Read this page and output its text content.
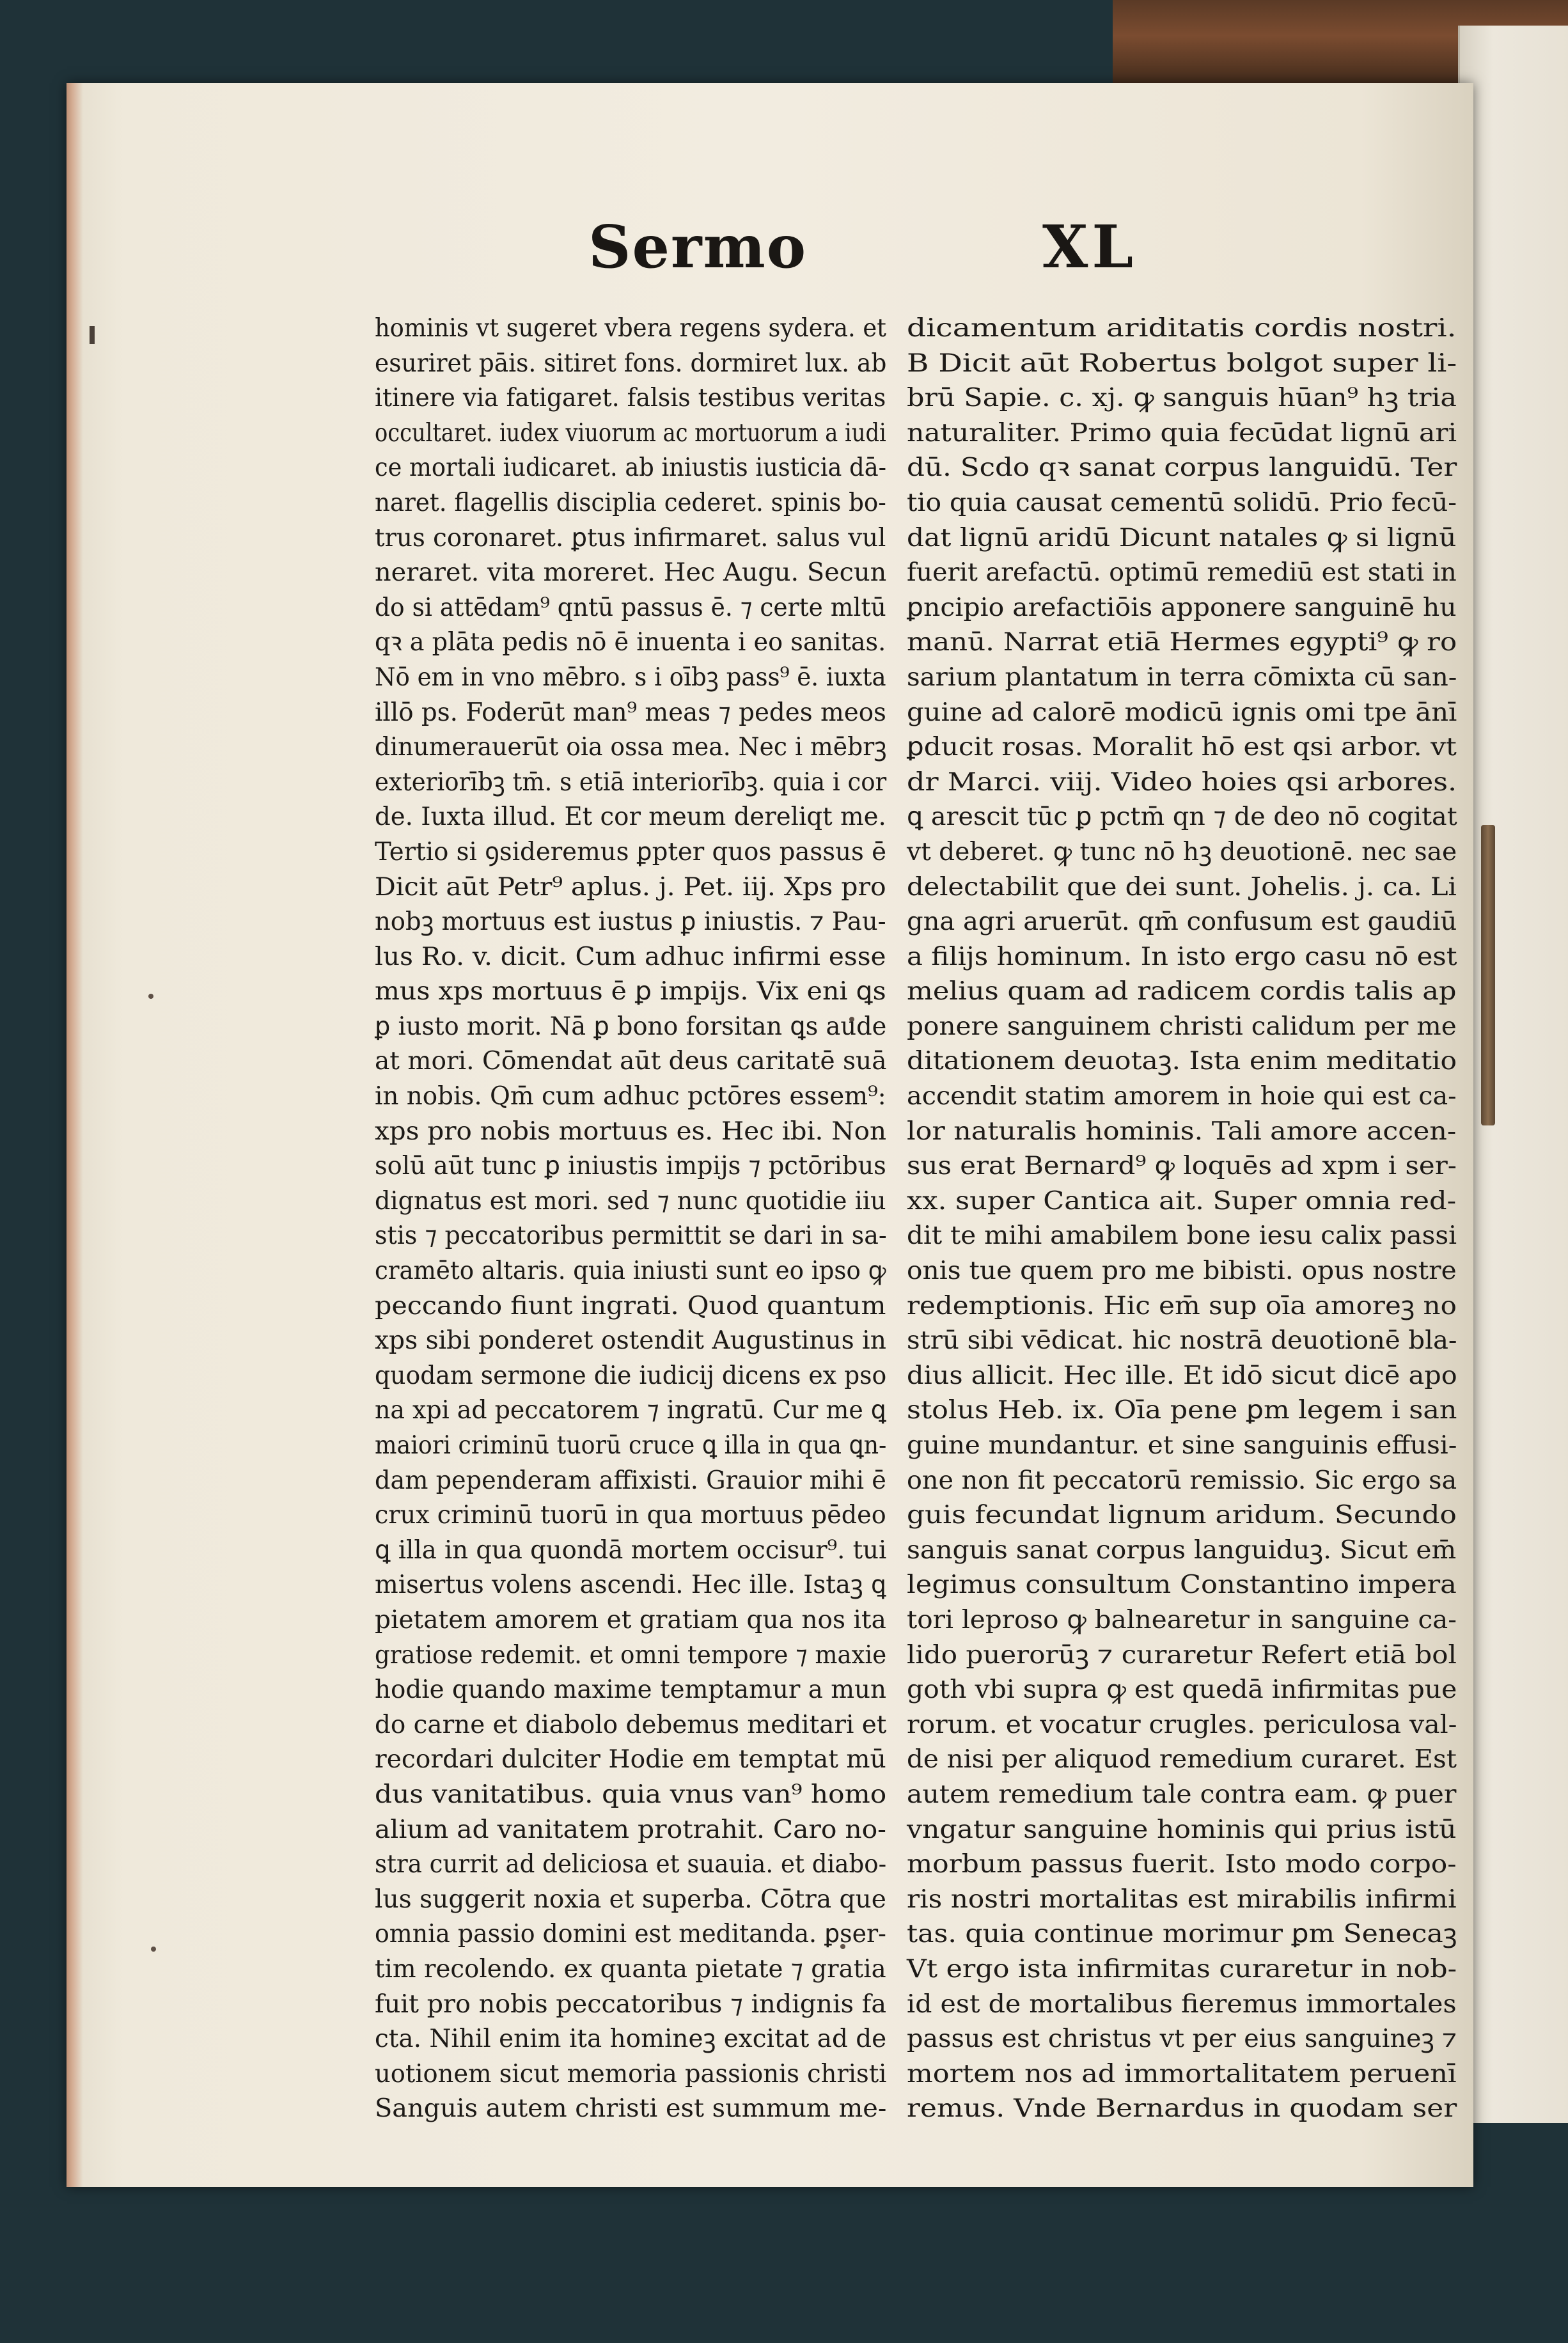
Sermo	XL
hominis vt sugeret vbera regens sydera. et
esuriret pāis. sitiret fons. dormiret lux. ab
itinere via fatigaret. falsis testibus veritas
occultaret. iudex viuorum ac mortuorum a iudi
ce mortali iudicaret. ab iniustis iusticia dā-
naret. flagellis disciplia cederet. spinis bo-
trus coronaret. ꝑtus infirmaret. salus vul
neraret. vita moreret. Hec Augu. Secun
do si attēdam⁹ qntū passus ē. ⁊ certe mltū
qꝛ a plāta pedis nō ē inuenta i eo sanitas.
Nō em in vno mēbro. s i oībꝫ pass⁹ ē. iuxta
illō ps. Foderūt man⁹ meas ⁊ pedes meos
dinumerauerūt oia ossa mea. Nec i mēbrꝫ
exteriorībꝫ tm̄. s etiā interiorībꝫ. quia i cor
de. Iuxta illud. Et cor meum dereliqt me.
Tertio si ꝯsideremus ꝑpter quos passus ē
Dicit aūt Petr⁹ aplus. j. Pet. iij. Xps pro
nobꝫ mortuus est iustus ꝑ iniustis. ⁊ Pau-
lus Ro. v. dicit. Cum adhuc infirmi esse
mus xps mortuus ē ꝑ impijs. Vix eni ꝗs
ꝑ iusto morit. Nā ꝑ bono forsitan ꝗs aude
at mori. Cōmendat aūt deus caritatē suā
in nobis. Qm̄ cum adhuc pctōres essem⁹:
xps pro nobis mortuus es. Hec ibi. Non
solū aūt tunc ꝑ iniustis impijs ⁊ pctōribus
dignatus est mori. sed ⁊ nunc quotidie iiu
stis ⁊ peccatoribus permittit se dari in sa-
cramēto altaris. quia iniusti sunt eo ipso ꝙ
peccando fiunt ingrati. Quod quantum
xps sibi ponderet ostendit Augustinus in
quodam sermone die iudicij dicens ex pso
na xpi ad peccatorem ⁊ ingratū. Cur me ꝗ
maiori criminū tuorū cruce ꝗ illa in qua ꝗn-
dam pependeram affixisti. Grauior mihi ē
crux criminū tuorū in qua mortuus pēdeo
ꝗ illa in qua quondā mortem occisur⁹. tui
misertus volens ascendi. Hec ille. Istaꝫ ꝗ
pietatem amorem et gratiam qua nos ita
gratiose redemit. et omni tempore ⁊ maxie
hodie quando maxime temptamur a mun
do carne et diabolo debemus meditari et
recordari dulciter Hodie em temptat mū
dus vanitatibus. quia vnus van⁹ homo
alium ad vanitatem protrahit. Caro no-
stra currit ad deliciosa et suauia. et diabo-
lus suggerit noxia et superba. Cōtra que
omnia passio domini est meditanda. ꝑser-
tim recolendo. ex quanta pietate ⁊ gratia
fuit pro nobis peccatoribus ⁊ indignis fa
cta. Nihil enim ita homineꝫ excitat ad de
uotionem sicut memoria passionis christi
Sanguis autem christi est summum me-
dicamentum ariditatis cordis nostri.
B Dicit aūt Robertus bolgot super li-
brū Sapie. c. xj. ꝙ sanguis hūan⁹ hꝫ tria
naturaliter. Primo quia fecūdat lignū ari
dū. Scdo qꝛ sanat corpus languidū. Ter
tio quia causat cementū solidū. Prio fecū-
dat lignū aridū Dicunt natales ꝙ si lignū
fuerit arefactū. optimū remediū est stati in
ꝑncipio arefactiōis apponere sanguinē hu
manū. Narrat etiā Hermes egypti⁹ ꝙ ro
sarium plantatum in terra cōmixta cū san-
guine ad calorē modicū ignis omi tpe ānī
ꝑducit rosas. Moralit hō est qsi arbor. vt
dr Marci. viij. Video hoies qsi arbores.
ꝗ arescit tūc ꝑ pctm̄ qn ⁊ de deo nō cogitat
vt deberet. ꝙ tunc nō hꝫ deuotionē. nec sae
delectabilit que dei sunt. Johelis. j. ca. Li
gna agri aruerūt. qm̄ confusum est gaudiū
a filijs hominum. In isto ergo casu nō est
melius quam ad radicem cordis talis ap
ponere sanguinem christi calidum per me
ditationem deuotaꝫ. Ista enim meditatio
accendit statim amorem in hoie qui est ca-
lor naturalis hominis. Tali amore accen-
sus erat Bernard⁹ ꝙ loquēs ad xpm i ser-
xx. super Cantica ait. Super omnia red-
dit te mihi amabilem bone iesu calix passi
onis tue quem pro me bibisti. opus nostre
redemptionis. Hic em̄ sup oīa amoreꝫ no
strū sibi vēdicat. hic nostrā deuotionē bla-
dius allicit. Hec ille. Et idō sicut dicē apo
stolus Heb. ix. Oīa pene ꝑm legem i san
guine mundantur. et sine sanguinis effusi-
one non fit peccatorū remissio. Sic ergo sa
guis fecundat lignum aridum. Secundo
sanguis sanat corpus languiduꝫ. Sicut em̄
legimus consultum Constantino impera
tori leproso ꝙ balnearetur in sanguine ca-
lido puerorūꝫ ⁊ curaretur Refert etiā bol
goth vbi supra ꝙ est quedā infirmitas pue
rorum. et vocatur crugles. periculosa val-
de nisi per aliquod remedium curaret. Est
autem remedium tale contra eam. ꝙ puer
vngatur sanguine hominis qui prius istū
morbum passus fuerit. Isto modo corpo-
ris nostri mortalitas est mirabilis infirmi
tas. quia continue morimur ꝑm Senecaꝫ
Vt ergo ista infirmitas curaretur in nob-
id est de mortalibus fieremus immortales
passus est christus vt per eius sanguineꝫ ⁊
mortem nos ad immortalitatem peruenī
remus. Vnde Bernardus in quodam ser
